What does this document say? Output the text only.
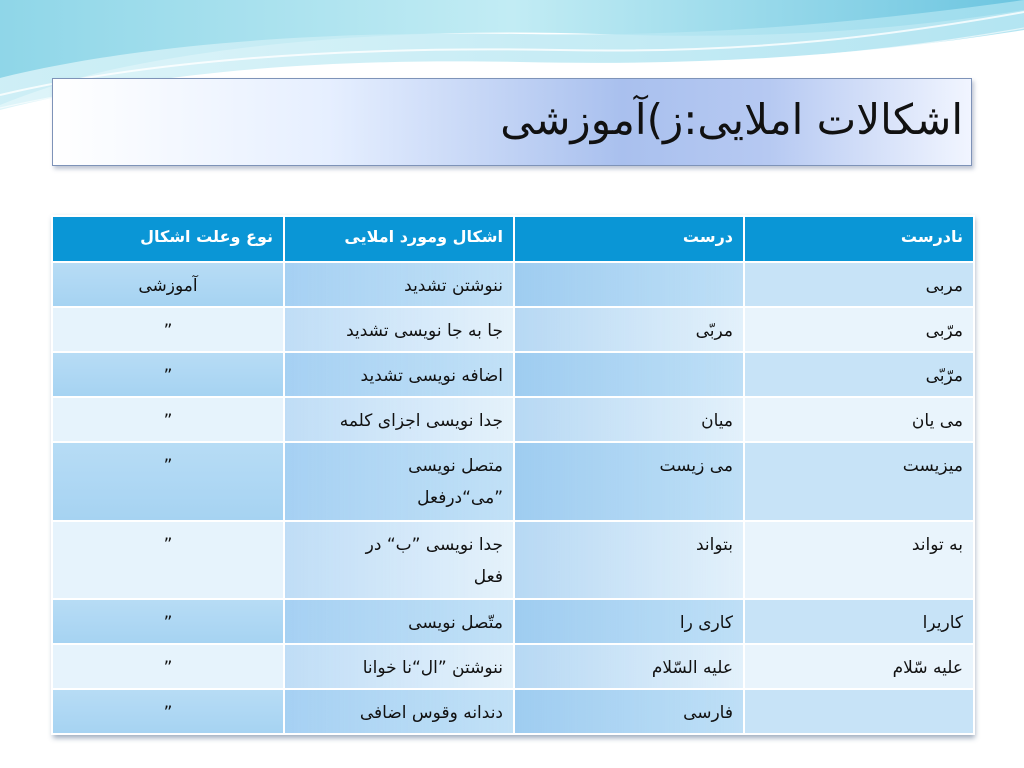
اشکالات املایی:ز)آموزشی
نادرست	درست	اشکال ومورد املایی	نوع وعلت اشکال
مربی		ننوشتن تشدید	آموزشی
مرّبی	مربّی	جا به جا نویسی تشدید	”
مرّبّی		اضافه نویسی تشدید	”
می یان	میان	جدا نویسی اجزای کلمه	”
میزیست	می زیست	متصل نویسی ”می“درفعل	”
به تواند	بتواند	جدا نویسی ”ب“ در فعل	”
کاریرا	کاری را	متّصل نویسی	”
علیه سّلام	علیه السّلام	ننوشتن ”ال“نا خوانا	”
	فارسی	دندانه وقوس اضافی	”
